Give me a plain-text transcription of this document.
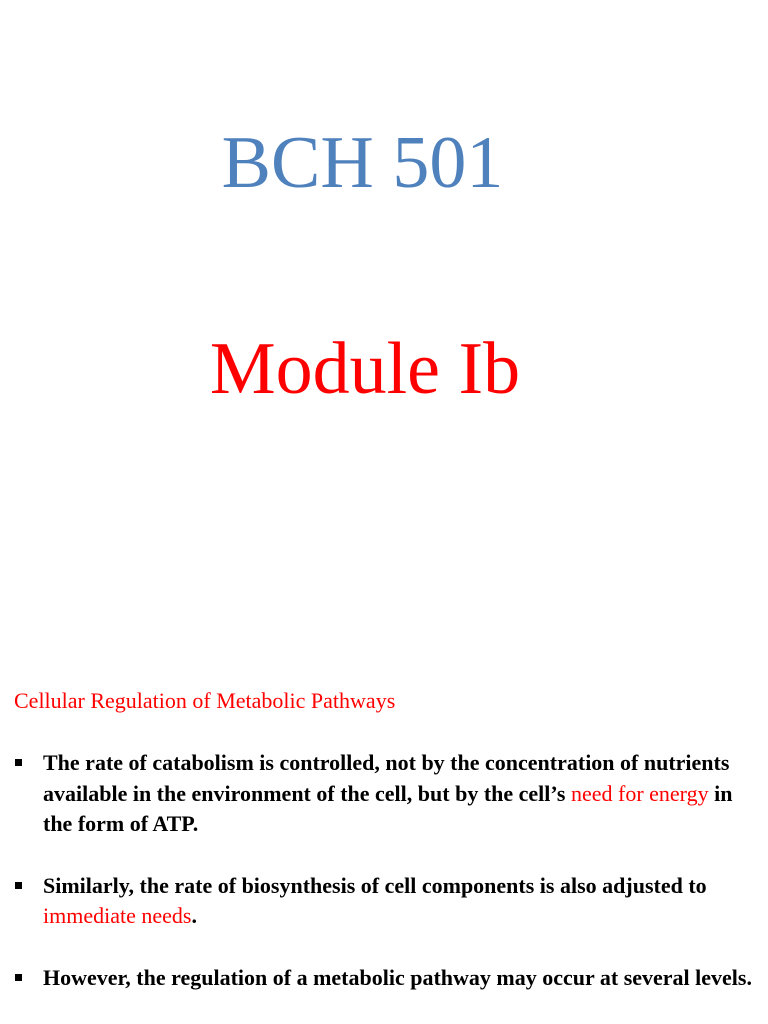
BCH 501
Module Ib
Cellular Regulation of Metabolic Pathways
The rate of catabolism is controlled, not by the concentration of nutrients available in the environment of the cell, but by the cell’s need for energy in the form of ATP.
Similarly, the rate of biosynthesis of cell components is also adjusted to immediate needs.
However, the regulation of a metabolic pathway may occur at several levels.
